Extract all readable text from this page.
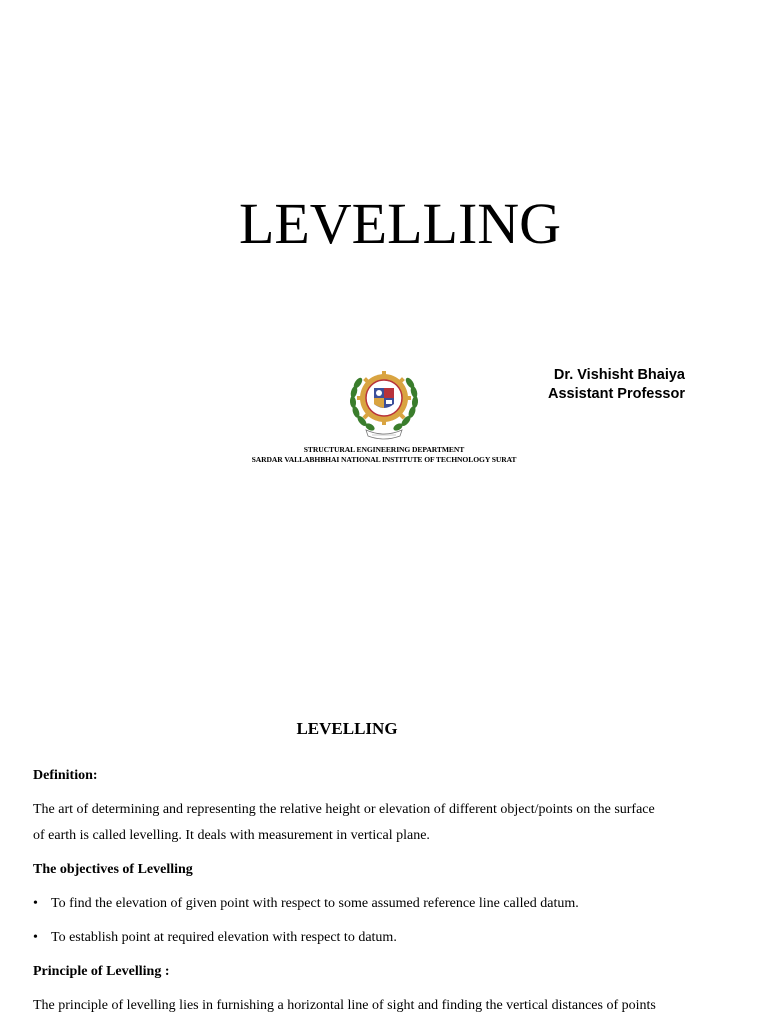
LEVELLING
STRUCTURAL ENGINEERING DEPARTMENT
SARDAR VALLABHBHAI NATIONAL INSTITUTE OF TECHNOLOGY SURAT
Dr. Vishisht Bhaiya
Assistant Professor
LEVELLING
Definition:
The art of determining and representing the relative height or elevation of different object/points on the surface
of earth is called levelling. It deals with measurement in vertical plane.
The objectives of Levelling
• To find the elevation of given point with respect to some assumed reference line called datum.
• To establish point at required elevation with respect to datum.
Principle of Levelling :
The principle of levelling lies in furnishing a horizontal line of sight and finding the vertical distances of points
